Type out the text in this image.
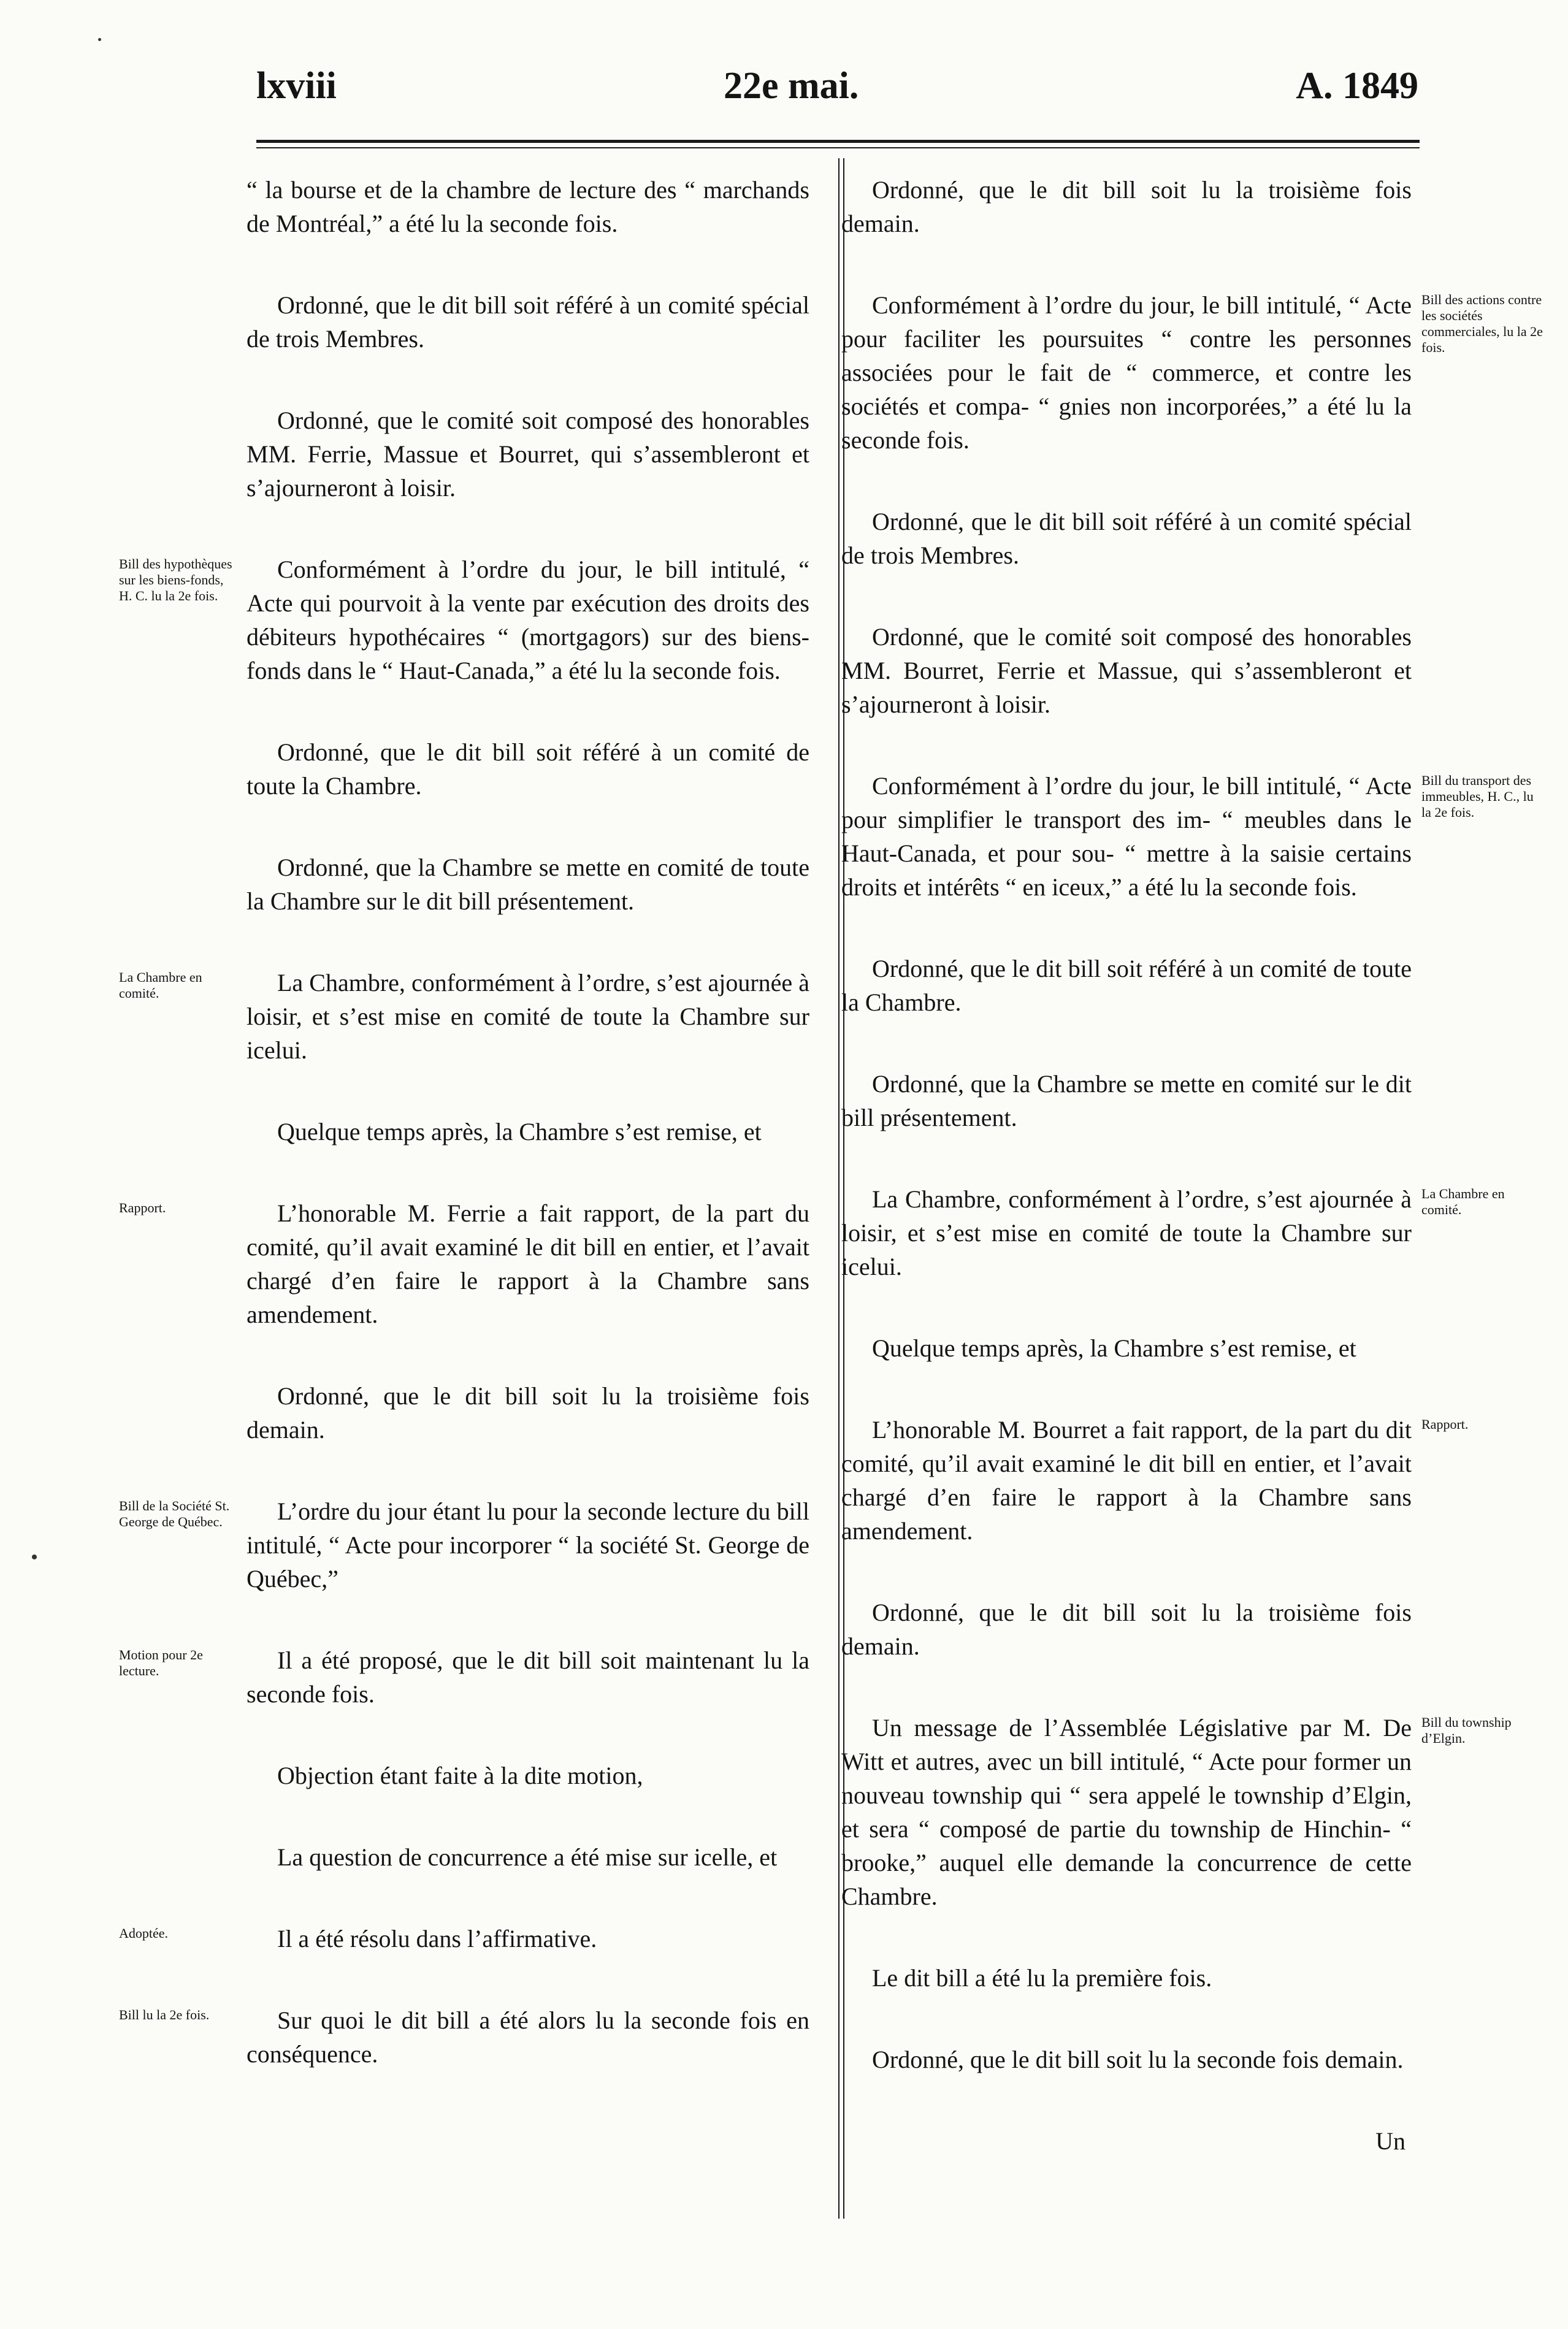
lxviii	22e mai.	A. 1849

“ la bourse et de la chambre de lecture des “ marchands de Montréal,” a été lu la seconde fois.

Ordonné, que le dit bill soit référé à un comité spécial de trois Membres.

Ordonné, que le comité soit composé des honorables MM. Ferrie, Massue et Bourret, qui s’assembleront et s’ajourneront à loisir.

Bill des hypothèques sur les biens-fonds, H. C. lu la 2e fois.

Conformément à l’ordre du jour, le bill intitulé, “ Acte qui pourvoit à la vente par exécution des droits des débiteurs hypothécaires “ (mortgagors) sur des biens-fonds dans le “ Haut-Canada,” a été lu la seconde fois.

Ordonné, que le dit bill soit référé à un comité de toute la Chambre.

Ordonné, que la Chambre se mette en comité de toute la Chambre sur le dit bill présentement.

La Chambre en comité.	La Chambre, conformément à l’ordre, s’est ajournée à loisir, et s’est mise en comité de toute la Chambre sur icelui.

Quelque temps après, la Chambre s’est remise, et

Rapport.	L’honorable M. Ferrie a fait rapport, de la part du comité, qu’il avait examiné le dit bill en entier, et l’avait chargé d’en faire le rapport à la Chambre sans amendement.

Ordonné, que le dit bill soit lu la troisième fois demain.

Bill de la Société St. George de Québec.	L’ordre du jour étant lu pour la seconde lecture du bill intitulé, “ Acte pour incorporer “ la société St. George de Québec,”

Motion pour 2e lecture.	Il a été proposé, que le dit bill soit maintenant lu la seconde fois.

Objection étant faite à la dite motion,

La question de concurrence a été mise sur icelle, et

Adoptée.	Il a été résolu dans l’affirmative.

Bill lu la 2e fois.	Sur quoi le dit bill a été alors lu la seconde fois en conséquence.

Ordonné, que le dit bill soit lu la troisième fois demain.

Bill des actions contre les sociétés commerciales, lu la 2e fois.

Conformément à l’ordre du jour, le bill intitulé, “ Acte pour faciliter les poursuites “ contre les personnes associées pour le fait de “ commerce, et contre les sociétés et compa- “ gnies non incorporées,” a été lu la seconde fois.

Ordonné, que le dit bill soit référé à un comité spécial de trois Membres.

Ordonné, que le comité soit composé des honorables MM. Bourret, Ferrie et Massue, qui s’assembleront et s’ajourneront à loisir.

Bill du transport des immeubles, H. C., lu la 2e fois.

Conformément à l’ordre du jour, le bill intitulé, “ Acte pour simplifier le transport des im- “ meubles dans le Haut-Canada, et pour sou- “ mettre à la saisie certains droits et intérêts “ en iceux,” a été lu la seconde fois.

Ordonné, que le dit bill soit référé à un comité de toute la Chambre.

Ordonné, que la Chambre se mette en comité sur le dit bill présentement.

La Chambre en comité.

La Chambre, conformément à l’ordre, s’est ajournée à loisir, et s’est mise en comité de toute la Chambre sur icelui.

Quelque temps après, la Chambre s’est remise, et

Rapport.

L’honorable M. Bourret a fait rapport, de la part du dit comité, qu’il avait examiné le dit bill en entier, et l’avait chargé d’en faire le rapport à la Chambre sans amendement.

Ordonné, que le dit bill soit lu la troisième fois demain.

Bill du township d’Elgin.

Un message de l’Assemblée Législative par M. De Witt et autres, avec un bill intitulé, “ Acte pour former un nouveau township qui “ sera appelé le township d’Elgin, et sera “ composé de partie du township de Hinchin- “ brooke,” auquel elle demande la concurrence de cette Chambre.

Le dit bill a été lu la première fois.

Ordonné, que le dit bill soit lu la seconde fois demain.

Un
